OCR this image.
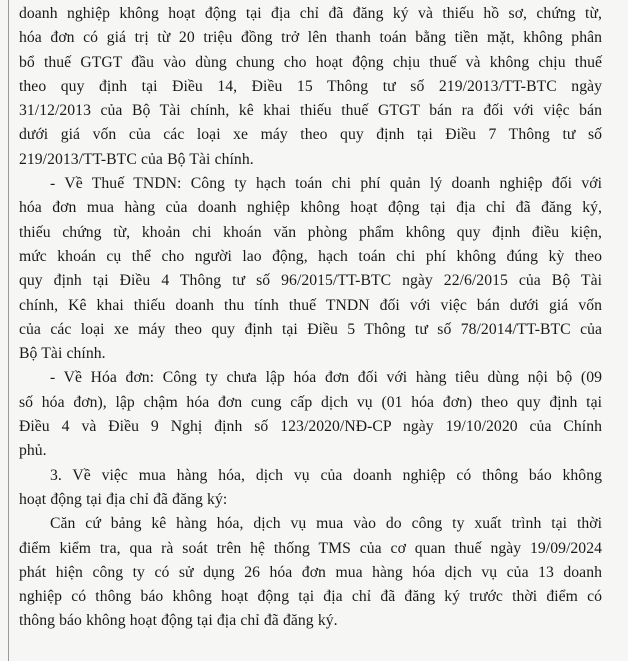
doanh nghiệp không hoạt động tại địa chỉ đã đăng ký và thiếu hồ sơ, chứng từ,
hóa đơn có giá trị từ 20 triệu đồng trở lên thanh toán bằng tiền mặt, không phân
bổ thuế GTGT đầu vào dùng chung cho hoạt động chịu thuế và không chịu thuế
theo quy định tại Điều 14, Điều 15 Thông tư số 219/2013/TT-BTC ngày
31/12/2013 của Bộ Tài chính, kê khai thiếu thuế GTGT bán ra đối với việc bán
dưới giá vốn của các loại xe máy theo quy định tại Điều 7 Thông tư số
219/2013/TT-BTC của Bộ Tài chính.
- Về Thuế TNDN: Công ty hạch toán chi phí quản lý doanh nghiệp đối với
hóa đơn mua hàng của doanh nghiệp không hoạt động tại địa chỉ đã đăng ký,
thiếu chứng từ, khoản chi khoán văn phòng phẩm không quy định điều kiện,
mức khoán cụ thể cho người lao động, hạch toán chi phí không đúng kỳ theo
quy định tại Điều 4 Thông tư số 96/2015/TT-BTC ngày 22/6/2015 của Bộ Tài
chính, Kê khai thiếu doanh thu tính thuế TNDN đối với việc bán dưới giá vốn
của các loại xe máy theo quy định tại Điều 5 Thông tư số 78/2014/TT-BTC của
Bộ Tài chính.
- Về Hóa đơn: Công ty chưa lập hóa đơn đối với hàng tiêu dùng nội bộ (09
số hóa đơn), lập chậm hóa đơn cung cấp dịch vụ (01 hóa đơn) theo quy định tại
Điều 4 và Điều 9 Nghị định số 123/2020/NĐ-CP ngày 19/10/2020 của Chính
phủ.
3. Về việc mua hàng hóa, dịch vụ của doanh nghiệp có thông báo không
hoạt động tại địa chỉ đã đăng ký:
Căn cứ bảng kê hàng hóa, dịch vụ mua vào do công ty xuất trình tại thời
điểm kiểm tra, qua rà soát trên hệ thống TMS của cơ quan thuế ngày 19/09/2024
phát hiện công ty có sử dụng 26 hóa đơn mua hàng hóa dịch vụ của 13 doanh
nghiệp có thông báo không hoạt động tại địa chỉ đã đăng ký trước thời điểm có
thông báo không hoạt động tại địa chỉ đã đăng ký.
